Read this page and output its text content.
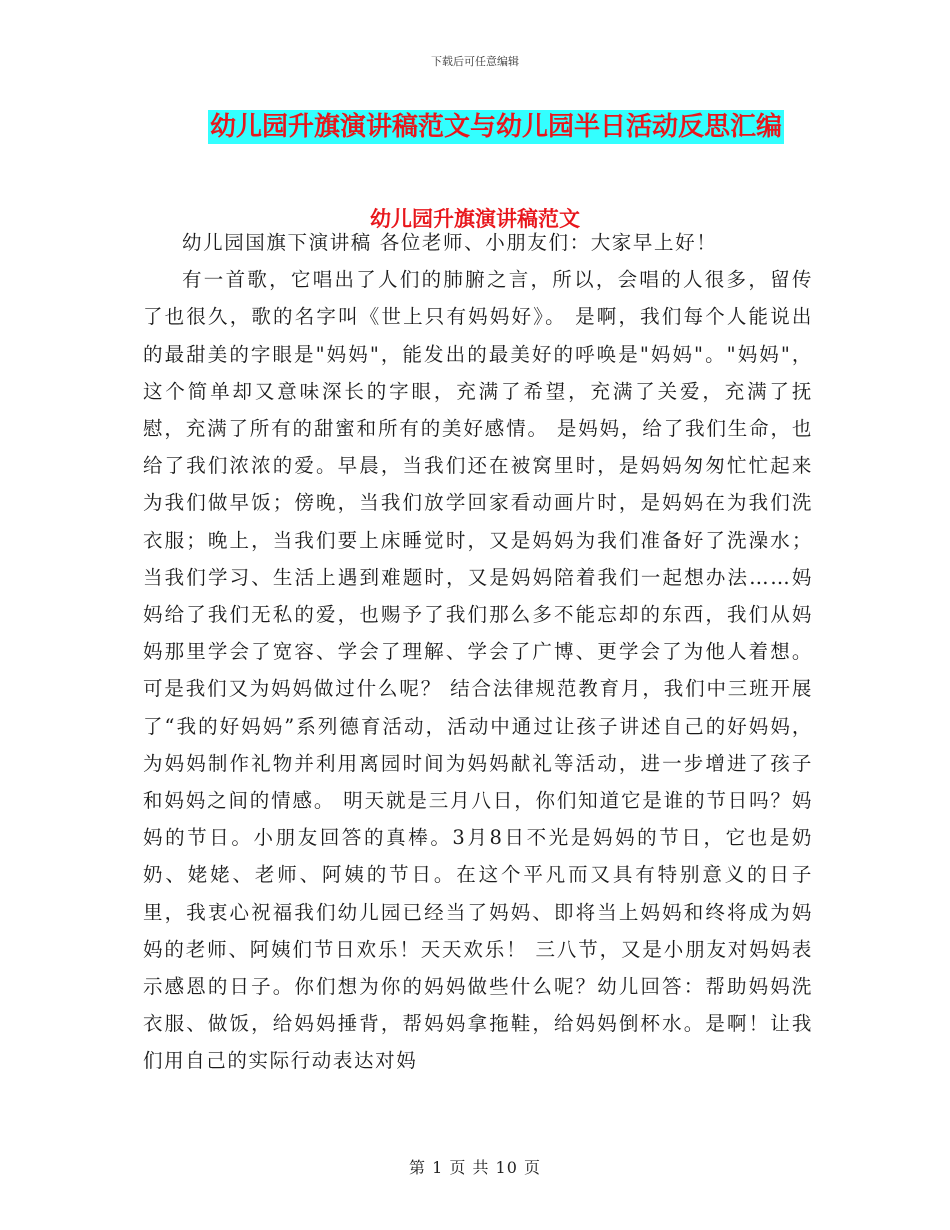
下载后可任意编辑
幼儿园升旗演讲稿范文与幼儿园半日活动反思汇编
幼儿园升旗演讲稿范文

幼儿园国旗下演讲稿 各位老师、小朋友们：大家早上好！

有一首歌，它唱出了人们的肺腑之言，所以，会唱的人很多，留传了也很久，歌的名字叫《世上只有妈妈好》。 是啊，我们每个人能说出的最甜美的字眼是"妈妈"，能发出的最美好的呼唤是"妈妈"。"妈妈"，这个简单却又意味深长的字眼，充满了希望，充满了关爱，充满了抚慰，充满了所有的甜蜜和所有的美好感情。 是妈妈，给了我们生命，也给了我们浓浓的爱。早晨，当我们还在被窝里时，是妈妈匆匆忙忙起来为我们做早饭；傍晚，当我们放学回家看动画片时，是妈妈在为我们洗衣服；晚上，当我们要上床睡觉时，又是妈妈为我们准备好了洗澡水；当我们学习、生活上遇到难题时，又是妈妈陪着我们一起想办法……妈妈给了我们无私的爱，也赐予了我们那么多不能忘却的东西，我们从妈妈那里学会了宽容、学会了理解、学会了广博、更学会了为他人着想。可是我们又为妈妈做过什么呢？ 结合法律规范教育月，我们中三班开展了“我的好妈妈”系列德育活动，活动中通过让孩子讲述自己的好妈妈，为妈妈制作礼物并利用离园时间为妈妈献礼等活动，进一步增进了孩子和妈妈之间的情感。 明天就是三月八日，你们知道它是谁的节日吗？妈妈的节日。小朋友回答的真棒。3月8日不光是妈妈的节日，它也是奶奶、姥姥、老师、阿姨的节日。在这个平凡而又具有特别意义的日子里，我衷心祝福我们幼儿园已经当了妈妈、即将当上妈妈和终将成为妈妈的老师、阿姨们节日欢乐！天天欢乐！ 三八节，又是小朋友对妈妈表示感恩的日子。你们想为你的妈妈做些什么呢？幼儿回答：帮助妈妈洗衣服、做饭，给妈妈捶背，帮妈妈拿拖鞋，给妈妈倒杯水。是啊！让我们用自己的实际行动表达对妈

第 1 页 共 10 页
